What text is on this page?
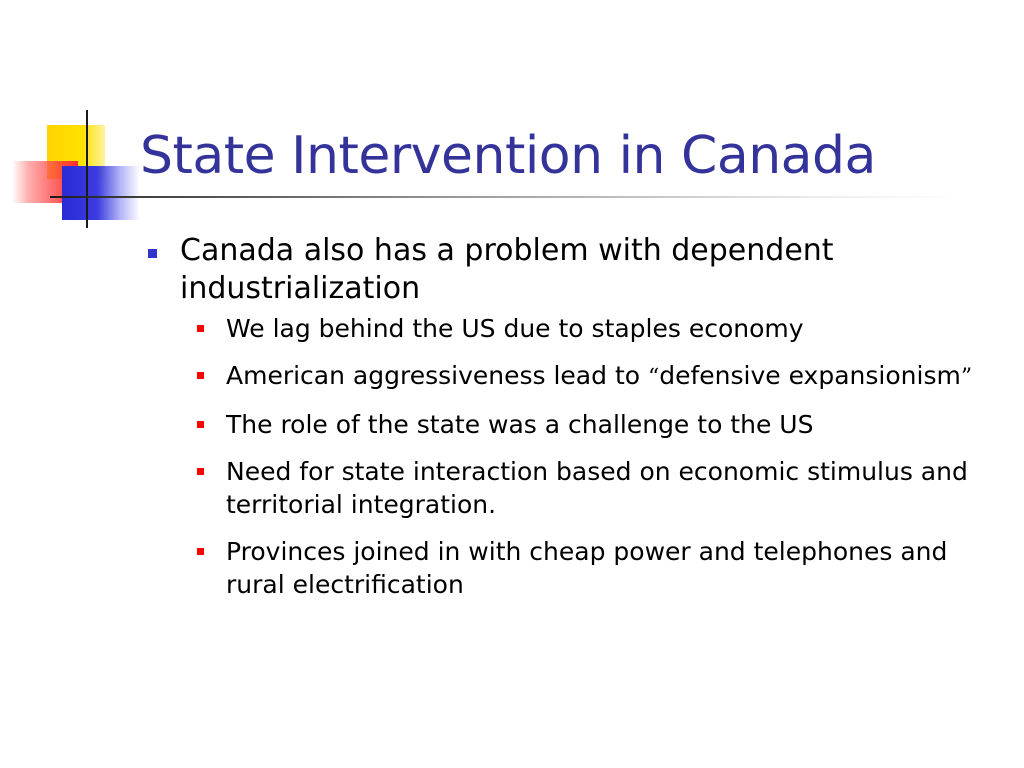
State Intervention in Canada
Canada also has a problem with dependent industrialization
We lag behind the US due to staples economy
American aggressiveness lead to “defensive expansionism”
The role of the state was a challenge to the US
Need for state interaction based on economic stimulus and territorial integration.
Provinces joined in with cheap power and telephones and rural electrification
